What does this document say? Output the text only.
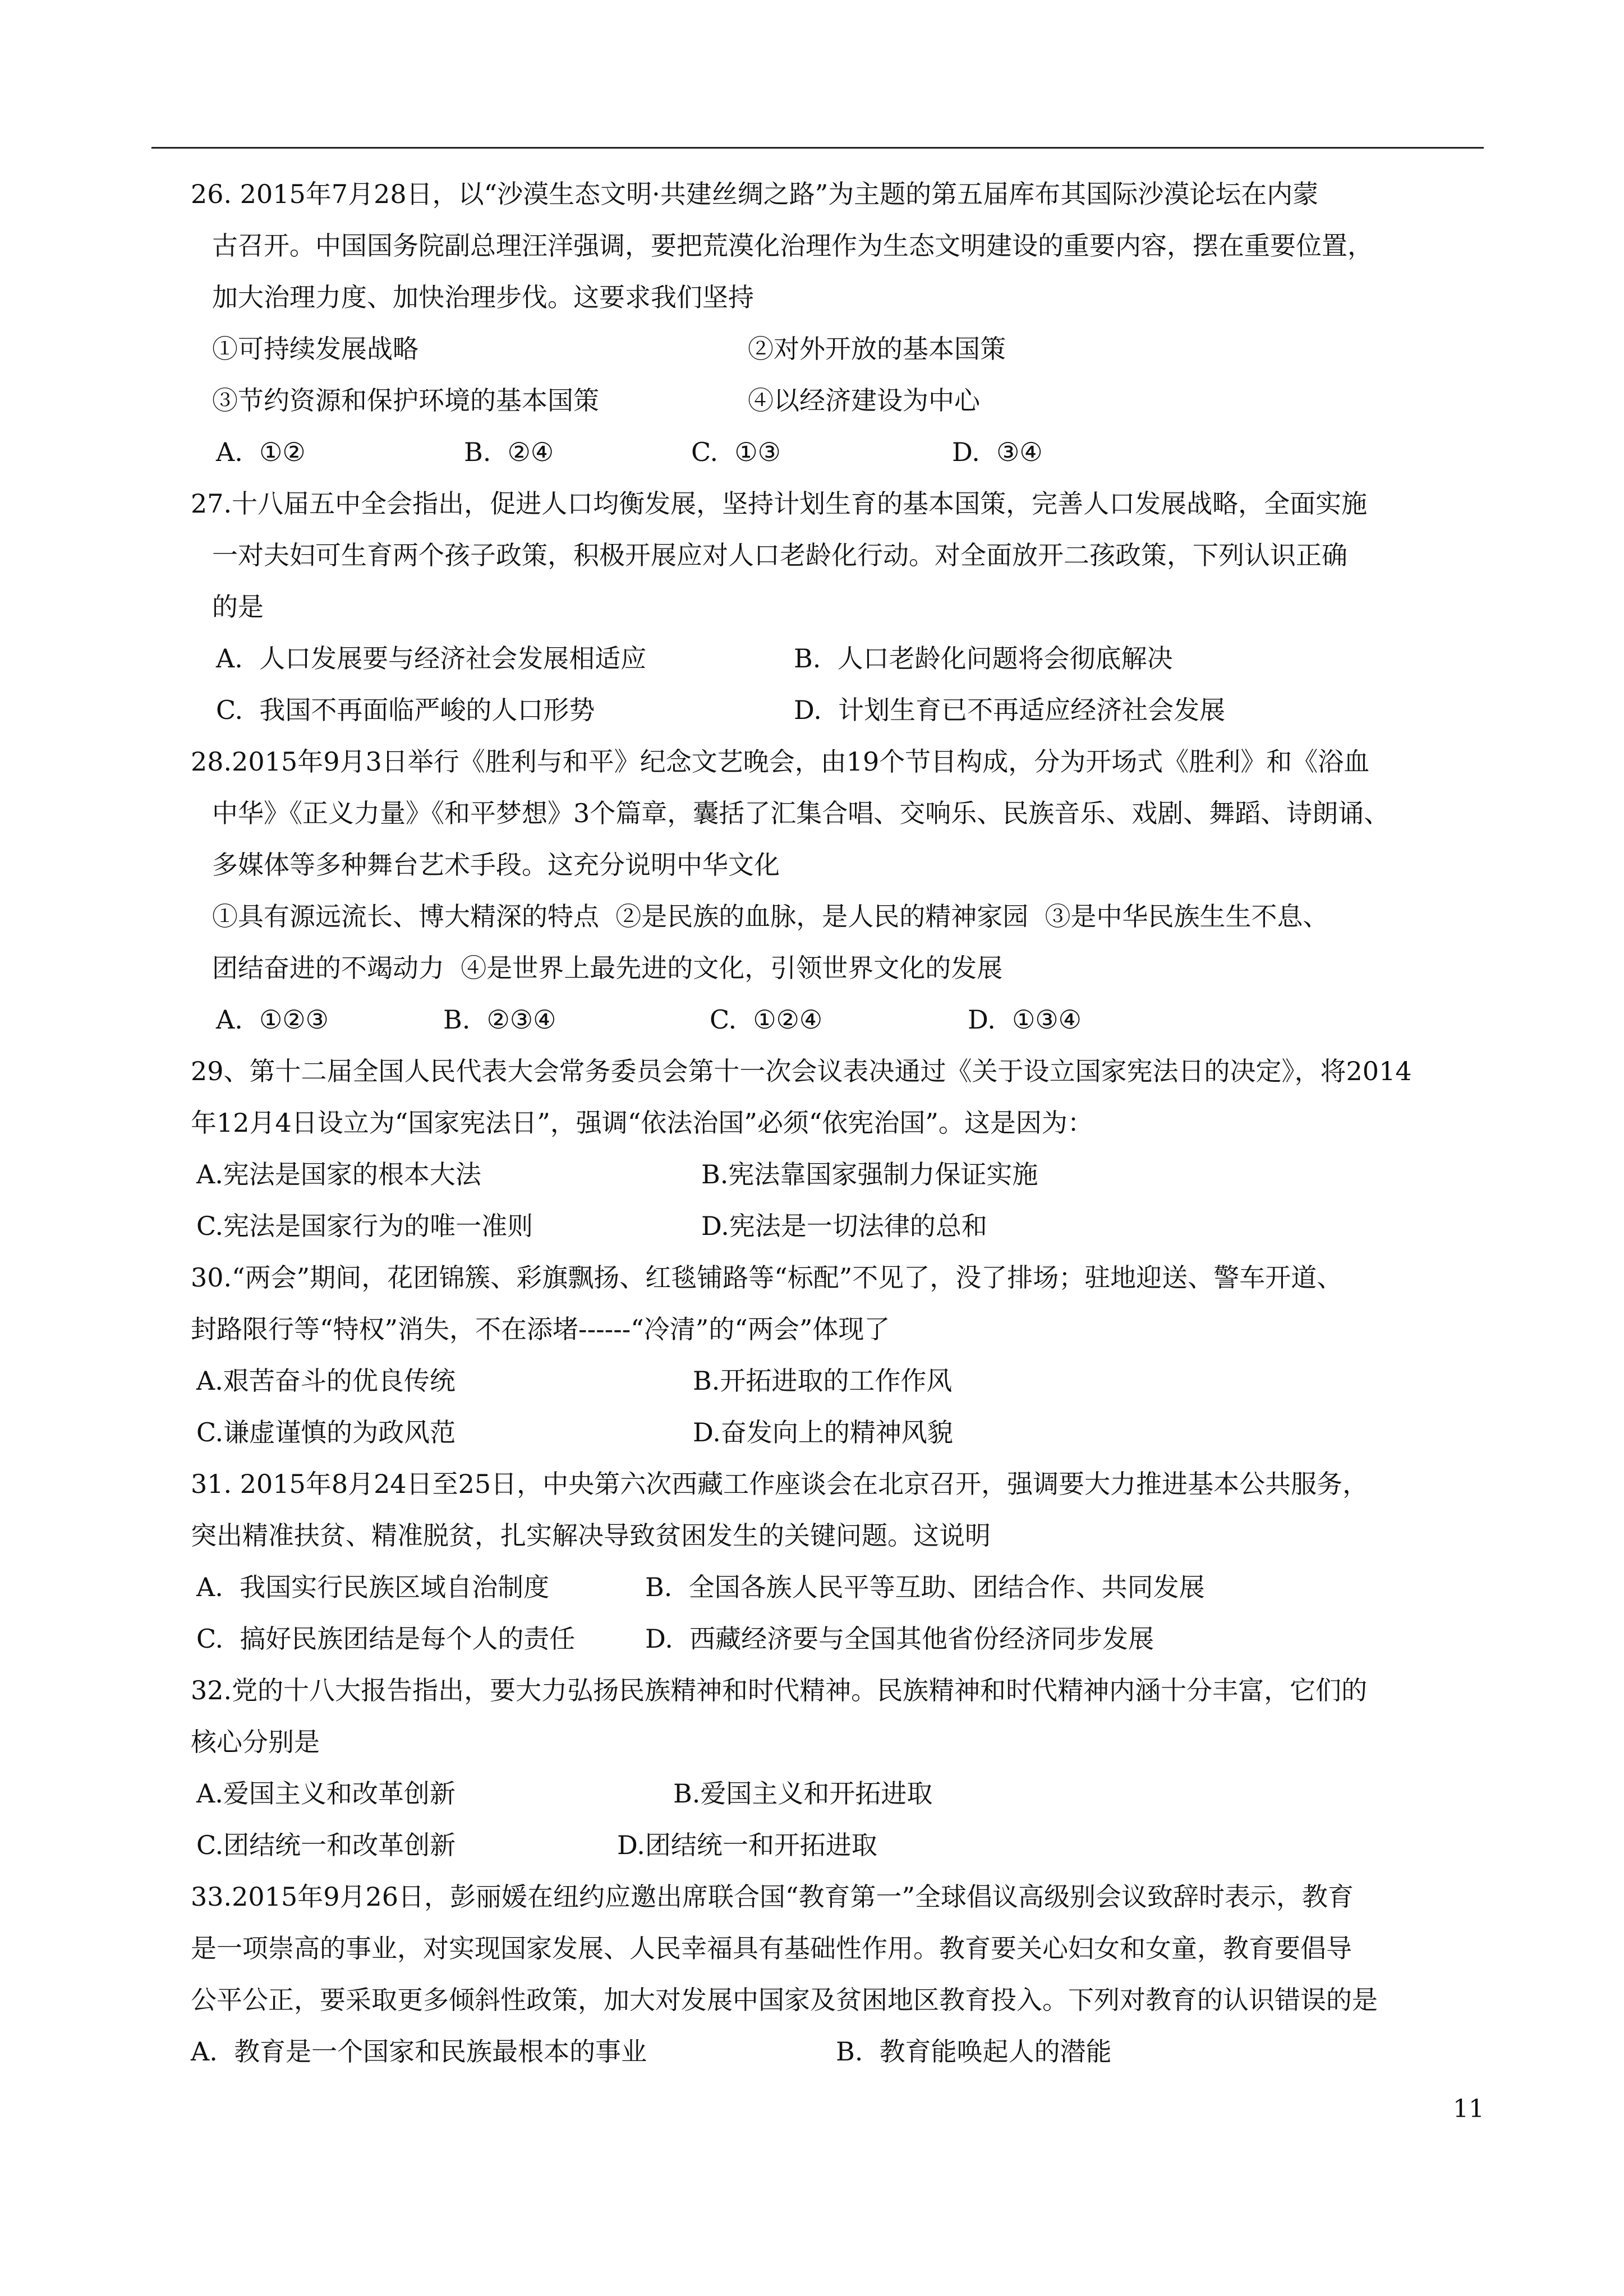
26. 2015年7月28日，以“沙漠生态文明·共建丝绸之路”为主题的第五届库布其国际沙漠论坛在内蒙

古召开。中国国务院副总理汪洋强调，要把荒漠化治理作为生态文明建设的重要内容，摆在重要位置，

加大治理力度、加快治理步伐。这要求我们坚持

①可持续发展战略	②对外开放的基本国策
③节约资源和保护环境的基本国策	④以经济建设为中心
A.  ①②	B.  ②④	C.  ①③	D.  ③④

27.十八届五中全会指出，促进人口均衡发展，坚持计划生育的基本国策，完善人口发展战略，全面实施

一对夫妇可生育两个孩子政策，积极开展应对人口老龄化行动。对全面放开二孩政策，下列认识正确

的是

A.  人口发展要与经济社会发展相适应	B.  人口老龄化问题将会彻底解决
C.  我国不再面临严峻的人口形势	D.  计划生育已不再适应经济社会发展

28.2015年9月3日举行《胜利与和平》纪念文艺晚会，由19个节目构成，分为开场式《胜利》和《浴血

中华》《正义力量》《和平梦想》3个篇章，囊括了汇集合唱、交响乐、民族音乐、戏剧、舞蹈、诗朗诵、

多媒体等多种舞台艺术手段。这充分说明中华文化

①具有源远流长、博大精深的特点  ②是民族的血脉，是人民的精神家园  ③是中华民族生生不息、

团结奋进的不竭动力  ④是世界上最先进的文化，引领世界文化的发展

A.  ①②③	B.  ②③④	C.  ①②④	D.  ①③④

29、第十二届全国人民代表大会常务委员会第十一次会议表决通过《关于设立国家宪法日的决定》，将2014

年12月4日设立为“国家宪法日”，强调“依法治国”必须“依宪治国”。这是因为：

A.宪法是国家的根本大法	B.宪法靠国家强制力保证实施
C.宪法是国家行为的唯一准则	D.宪法是一切法律的总和

30.“两会”期间，花团锦簇、彩旗飘扬、红毯铺路等“标配”不见了，没了排场；驻地迎送、警车开道、

封路限行等“特权”消失，不在添堵------“冷清”的“两会”体现了

A.艰苦奋斗的优良传统	B.开拓进取的工作作风
C.谦虚谨慎的为政风范	D.奋发向上的精神风貌

31. 2015年8月24日至25日，中央第六次西藏工作座谈会在北京召开，强调要大力推进基本公共服务，

突出精准扶贫、精准脱贫，扎实解决导致贫困发生的关键问题。这说明

A.  我国实行民族区域自治制度	B.  全国各族人民平等互助、团结合作、共同发展
C.  搞好民族团结是每个人的责任	D.  西藏经济要与全国其他省份经济同步发展

32.党的十八大报告指出，要大力弘扬民族精神和时代精神。民族精神和时代精神内涵十分丰富，它们的

核心分别是

A.爱国主义和改革创新	B.爱国主义和开拓进取
C.团结统一和改革创新	D.团结统一和开拓进取

33.2015年9月26日，彭丽媛在纽约应邀出席联合国“教育第一”全球倡议高级别会议致辞时表示，教育

是一项崇高的事业，对实现国家发展、人民幸福具有基础性作用。教育要关心妇女和女童，教育要倡导

公平公正，要采取更多倾斜性政策，加大对发展中国家及贫困地区教育投入。下列对教育的认识错误的是

A.  教育是一个国家和民族最根本的事业	B.  教育能唤起人的潜能
11
